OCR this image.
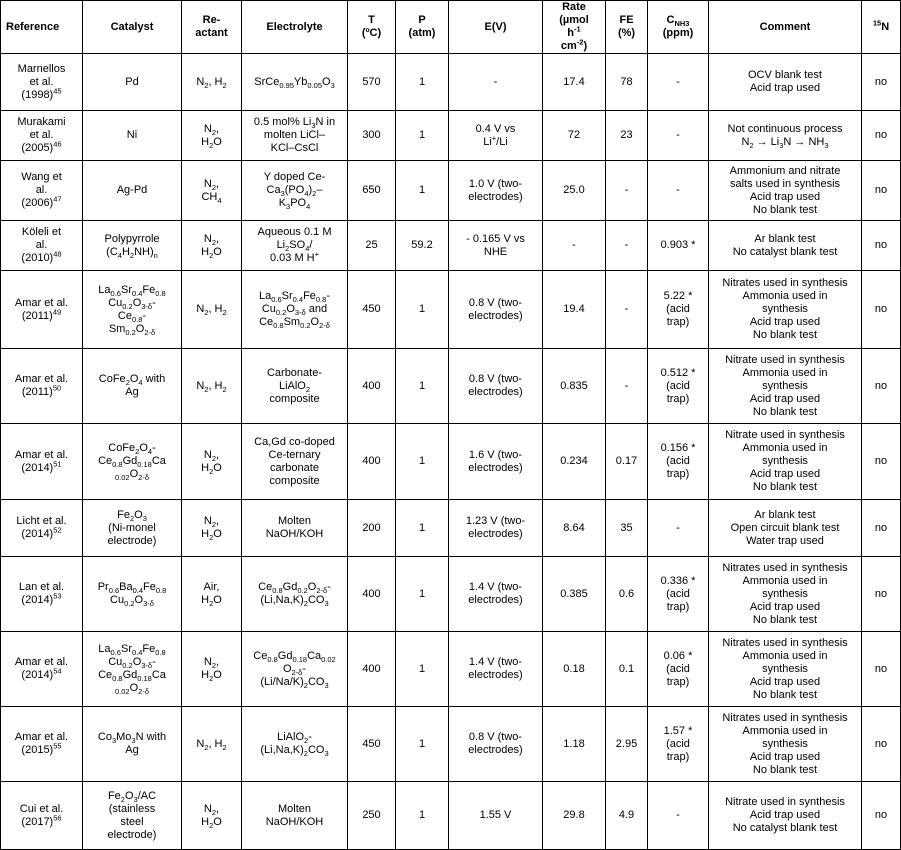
Reference	Catalyst	Re-
actant	Electrolyte	T
(ºC)	P
(atm)	E(V)	Rate
(µmol
$h^{-1}$
$cm^{-2}$)	FE
(%)	$C_{NH3}$
(ppm)	Comment	$^{15}$N

Marnellos
et al.
$(1998)^{45}$	Pd	$N_2$, $H_2$	$SrCe_{0.95}Yb_{0.05}O_3$	570	1	-	17.4	78	-	OCV blank test
Acid trap used	no

Murakami
et al.
$(2005)^{46}$	Ni	$N_2$,
$H_2O$	0.5 mol% $Li_3N$ in
molten LiCl–
KCl–CsCl	300	1	0.4 V vs
Li+/Li	72	23	-	Not continuous process
$N_2 \to Li_3N \to NH_3$	no

Wang et
al.
$(2006)^{47}$	Ag-Pd	$N_2$,
$CH_4$	Y doped Ce-
$Ca_3(PO_4)_2-$
$K_3PO_4$	650	1	1.0 V (two-
electrodes)	25.0	-	-	Ammonium and nitrate
salts used in synthesis
Acid trap used
No blank test	no

Köleli et
al.
$(2010)^{48}$	Polypyrrole
$(C_4H_2NH)_n$	$N_2$,
$H_2O$	Aqueous 0.1 M
$Li_2SO_4/$
0.03 M H+	25	59.2	- 0.165 V vs
NHE	-	-	0.903 *	Ar blank test
No catalyst blank test	no

Amar et al.
$(2011)^{49}$	$La_{0.6}Sr_{0.4}Fe_{0.8}$
$Cu_{0.2}O_{3-\delta}-$
$Ce_{0.8}-$
$Sm_{0.2}O_{2-\delta}$	$N_2$, $H_2$	$La_{0.6}Sr_{0.4}Fe_{0.8}-$
$Cu_{0.2}O_{3-\delta}$ and
$Ce_{0.8}Sm_{0.2}O_{2-\delta}$	450	1	0.8 V (two-
electrodes)	19.4	-	5.22 *
(acid
trap)	Nitrates used in synthesis
Ammonia used in
synthesis
Acid trap used
No blank test	no

Amar et al.
$(2011)^{50}$	$CoFe_2O_4$ with
Ag	$N_2$, $H_2$	Carbonate-
LiAlO$_2$
composite	400	1	0.8 V (two-
electrodes)	0.835	-	0.512 *
(acid
trap)	Nitrate used in synthesis
Ammonia used in
synthesis
Acid trap used
No blank test	no

Amar et al.
$(2014)^{51}$	$CoFe_2O_4-$
$Ce_{0.8}Gd_{0.18}Ca$
$_{0.02}O_{2-\delta}$	$N_2$,
$H_2O$	Ca,Gd co-doped
Ce-ternary
carbonate
composite	400	1	1.6 V (two-
electrodes)	0.234	0.17	0.156 *
(acid
trap)	Nitrate used in synthesis
Ammonia used in
synthesis
Acid trap used
No blank test	no

Licht et al.
$(2014)^{52}$	$Fe_2O_3$
(Ni-monel
electrode)	$N_2$,
$H_2O$	Molten
NaOH/KOH	200	1	1.23 V (two-
electrodes)	8.64	35	-	Ar blank test
Open circuit blank test
Water trap used	no

Lan et al.
$(2014)^{53}$	$Pr_{0.6}Ba_{0.4}Fe_{0.8}$
$Cu_{0.2}O_{3-\delta}$	Air,
$H_2O$	$Ce_{0.8}Gd_{0.2}O_{2-\delta}-$
$(Li,Na,K)_2CO_3$	400	1	1.4 V (two-
electrodes)	0.385	0.6	0.336 *
(acid
trap)	Nitrates used in synthesis
Ammonia used in
synthesis
Acid trap used
No blank test	no

Amar et al.
$(2014)^{54}$	$La_{0.6}Sr_{0.4}Fe_{0.8}$
$Cu_{0.2}O_{3-\delta}-$
$Ce_{0.8}Gd_{0.18}Ca$
$_{0.02}O_{2-\delta}$	$N_2$,
$H_2O$	$Ce_{0.8}Gd_{0.18}Ca_{0.02}$
$O_{2-\delta}-$
$(Li/Na/K)_2CO_3$	400	1	1.4 V (two-
electrodes)	0.18	0.1	0.06 *
(acid
trap)	Nitrates used in synthesis
Ammonia used in
synthesis
Acid trap used
No blank test	no

Amar et al.
$(2015)^{55}$	$Co_3Mo_3N$ with
Ag	$N_2$, $H_2$	LiAlO$_2$-
$(Li,Na,K)_2CO_3$	450	1	0.8 V (two-
electrodes)	1.18	2.95	1.57 *
(acid
trap)	Nitrates used in synthesis
Ammonia used in
synthesis
Acid trap used
No blank test	no

Cui et al.
$(2017)^{56}$	$Fe_2O_3/AC$
(stainless
steel
electrode)	$N_2$,
$H_2O$	Molten
NaOH/KOH	250	1	1.55 V	29.8	4.9	-	Nitrate used in synthesis
Acid trap used
No catalyst blank test	no
